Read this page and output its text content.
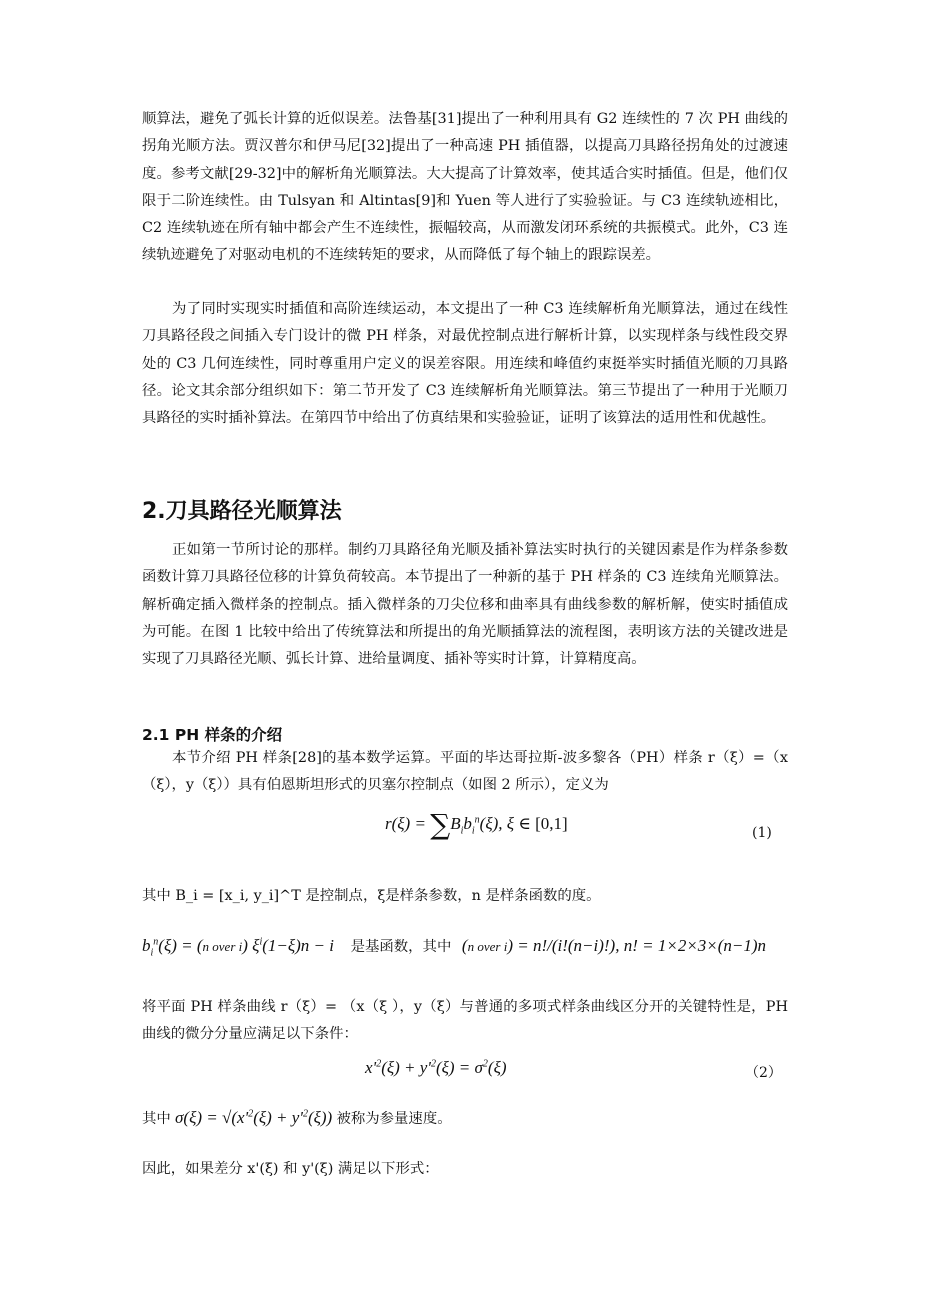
顺算法，避免了弧长计算的近似误差。法鲁基[31]提出了一种利用具有 G2 连续性的 7 次 PH 曲线的拐角光顺方法。贾汉普尔和伊马尼[32]提出了一种高速 PH 插值器，以提高刀具路径拐角处的过渡速度。参考文献[29-32]中的解析角光顺算法。大大提高了计算效率，使其适合实时插值。但是，他们仅限于二阶连续性。由 Tulsyan 和 Altintas[9]和 Yuen 等人进行了实验验证。与 C3 连续轨迹相比，C2 连续轨迹在所有轴中都会产生不连续性，振幅较高，从而激发闭环系统的共振模式。此外，C3 连续轨迹避免了对驱动电机的不连续转矩的要求，从而降低了每个轴上的跟踪误差。

为了同时实现实时插值和高阶连续运动，本文提出了一种 C3 连续解析角光顺算法，通过在线性刀具路径段之间插入专门设计的微 PH 样条，对最优控制点进行解析计算，以实现样条与线性段交界处的 C3 几何连续性，同时尊重用户定义的误差容限。用连续和峰值约束挺举实时插值光顺的刀具路径。论文其余部分组织如下：第二节开发了 C3 连续解析角光顺算法。第三节提出了一种用于光顺刀具路径的实时插补算法。在第四节中给出了仿真结果和实验验证，证明了该算法的适用性和优越性。

2.刀具路径光顺算法

正如第一节所讨论的那样。制约刀具路径角光顺及插补算法实时执行的关键因素是作为样条参数函数计算刀具路径位移的计算负荷较高。本节提出了一种新的基于 PH 样条的 C3 连续角光顺算法。解析确定插入微样条的控制点。插入微样条的刀尖位移和曲率具有曲线参数的解析解，使实时插值成为可能。在图 1 比较中给出了传统算法和所提出的角光顺插算法的流程图，表明该方法的关键改进是实现了刀具路径光顺、弧长计算、进给量调度、插补等实时计算，计算精度高。

2.1 PH 样条的介绍

本节介绍 PH 样条[28]的基本数学运算。平面的毕达哥拉斯-波多黎各（PH）样条 r（ξ）=（x（ξ），y（ξ））具有伯恩斯坦形式的贝塞尔控制点（如图 2 所示），定义为

$r(\xi) = \sum B_ib_i^n(\xi)$, ξ ∈ [0,1]	(1)
其中 B_i = [x_i, y_i]^T 是控制点，ξ是样条参数，n 是样条函数的度。
$b_i^n(\xi) = (n$ over i) $\xi^i(1-\xi)n - i$ 是基函数，其中 (n over i) = n!/(i!(n−i)!), n! = 1×2×3×(n−1)n

将平面 PH 样条曲线 r（ξ）= （x（ξ ），y（ξ）与普通的多项式样条曲线区分开的关键特性是，PH 曲线的微分分量应满足以下条件：

$x'^2(\xi) + y'^2(\xi) = \sigma^2(\xi)$	（2）
其中 $\sigma(\xi) = √(x'^2(\xi) + y'^2(\xi))$ 被称为参量速度。
因此，如果差分 x'(ξ) 和 y'(ξ) 满足以下形式：
